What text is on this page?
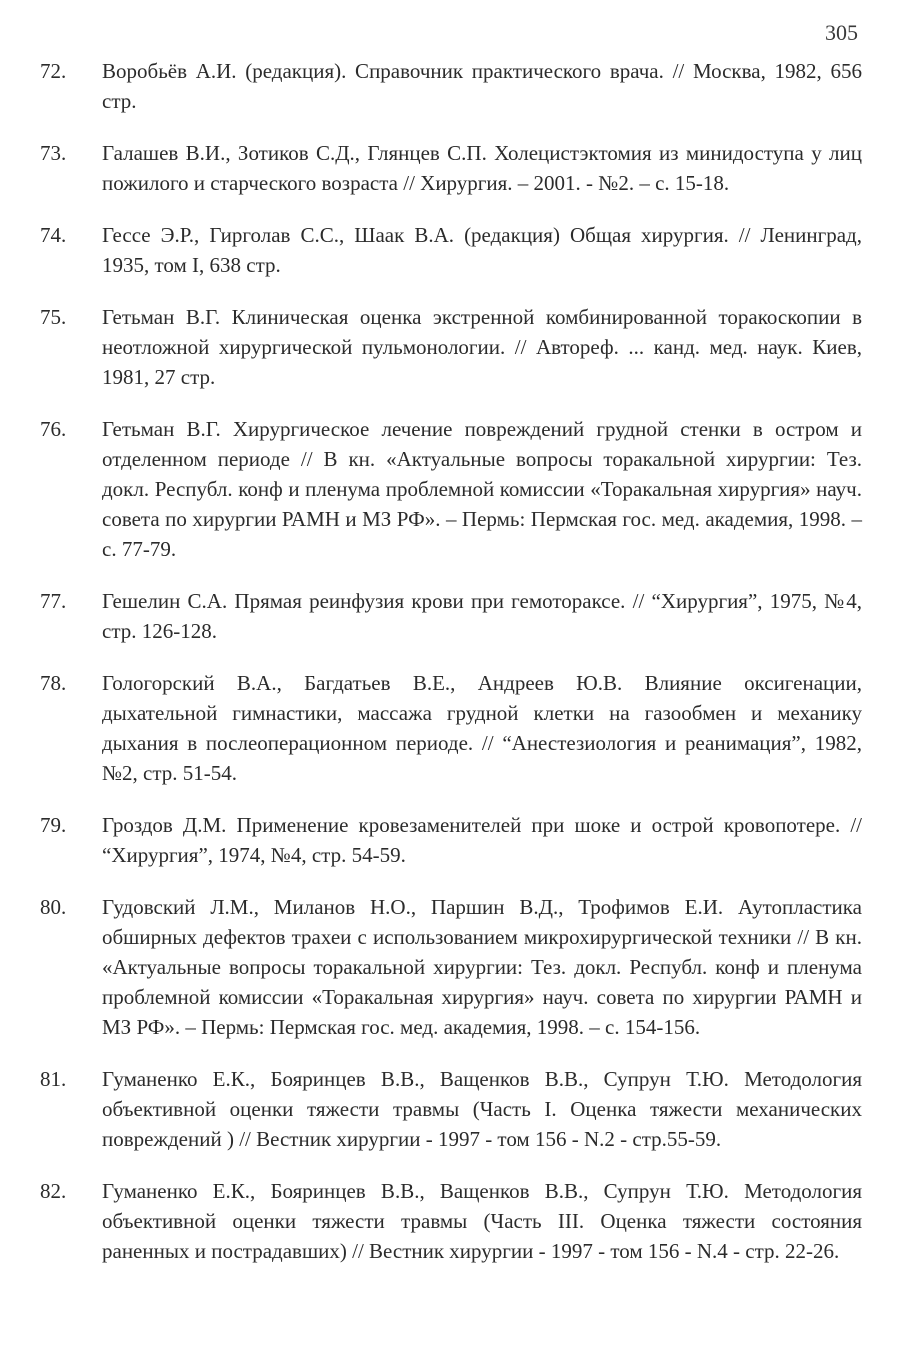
305
72.	Воробьёв А.И. (редакция). Справочник практического врача. // Москва, 1982, 656 стр.
73.	Галашев В.И., Зотиков С.Д., Глянцев С.П. Холецистэктомия из минидоступа у лиц пожилого и старческого возраста // Хирургия. – 2001. - №2. – с. 15-18.
74.	Гессе Э.Р., Гирголав С.С., Шаак В.А. (редакция) Общая хирургия. // Ленинград, 1935, том I, 638 стр.
75.	Гетьман В.Г. Клиническая оценка экстренной комбинированной торакоскопии в неотложной хирургической пульмонологии. // Автореф. ... канд. мед. наук. Киев, 1981, 27 стр.
76.	Гетьман В.Г. Хирургическое лечение повреждений грудной стенки в остром и отделенном периоде // В кн. «Актуальные вопросы торакальной хирургии: Тез. докл. Республ. конф и пленума проблемной комиссии «Торакальная хирургия» науч. совета по хирургии РАМН и МЗ РФ». – Пермь: Пермская гос. мед. академия, 1998. – с. 77-79.
77.	Гешелин С.А. Прямая реинфузия крови при гемотораксе. // “Хирургия”, 1975, №4, стр. 126-128.
78.	Гологорский В.А., Багдатьев В.Е., Андреев Ю.В. Влияние оксигенации, дыхательной гимнастики, массажа грудной клетки на газообмен и механику дыхания в послеоперационном периоде. // “Анестезиология и реанимация”, 1982, №2, стр. 51-54.
79.	Гроздов Д.М. Применение кровезаменителей при шоке и острой кровопотере. // “Хирургия”, 1974, №4, стр. 54-59.
80.	Гудовский Л.М., Миланов Н.О., Паршин В.Д., Трофимов Е.И. Аутопластика обширных дефектов трахеи с использованием микрохирургической техники // В кн. «Актуальные вопросы торакальной хирургии: Тез. докл. Республ. конф и пленума проблемной комиссии «Торакальная хирургия» науч. совета по хирургии РАМН и МЗ РФ». – Пермь: Пермская гос. мед. академия, 1998. – с. 154-156.
81.	Гуманенко Е.К., Бояринцев В.В., Ващенков В.В., Супрун Т.Ю. Методология объективной оценки тяжести травмы (Часть I. Оценка тяжести механических повреждений ) // Вестник хирургии - 1997 - том 156 - N.2 - стр.55-59.
82.	Гуманенко Е.К., Бояринцев В.В., Ващенков В.В., Супрун Т.Ю. Методология объективной оценки тяжести травмы (Часть III. Оценка тяжести состояния раненных и пострадавших) // Вестник хирургии - 1997 - том 156 - N.4 - стр. 22-26.
